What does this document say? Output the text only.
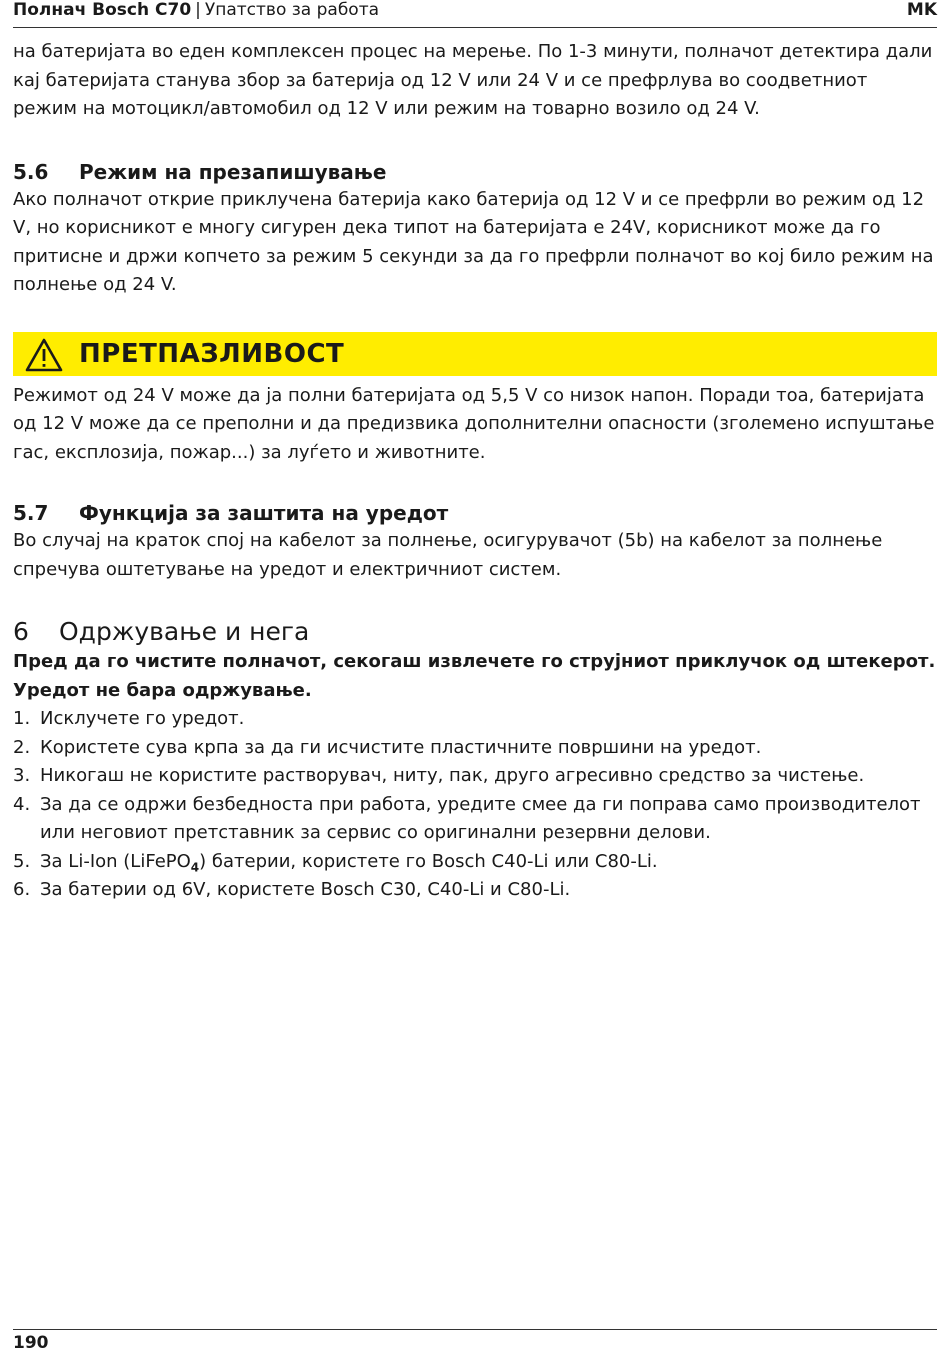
Полнач Bosch C70 | Упатство за работа	MK

на батеријата во еден комплексен процес на мерење. По 1-3 минути, полначот детектира дали кај батеријата станува збор за батерија од 12 V или 24 V и се префрлува во соодветниот режим на мотоцикл/автомобил од 12 V или режим на товарно возило од 24 V.

5.6 Режим на презапишување

Ако полначот открие приклучена батерија како батерија од 12 V и се префрли во режим од 12 V, но корисникот е многу сигурен дека типот на батеријата е 24V, корисникот може да го притисне и држи копчето за режим 5 секунди за да го префрли полначот во кој било режим на полнење од 24 V.

ПРЕТПАЗЛИВОСТ

Режимот од 24 V може да ја полни батеријата од 5,5 V со низок напон. Поради тоа, батеријата од 12 V може да се преполни и да предизвика дополнителни опасности (зголемено испуштање гас, експлозија, пожар...) за луѓето и животните.

5.7 Функција за заштита на уредот

Во случај на краток спој на кабелот за полнење, осигурувачот (5b) на кабелот за полнење спречува оштетување на уредот и електричниот систем.

6 Одржување и нега

Пред да го чистите полначот, секогаш извлечете го струјниот приклучок од штекерот. Уредот не бара одржување.

1. Исклучете го уредот.
2. Користете сува крпа за да ги исчистите пластичните површини на уредот.
3. Никогаш не користите растворувач, ниту, пак, друго агресивно средство за чистење.
4. За да се одржи безбедноста при работа, уредите смее да ги поправа само производителот или неговиот претставник за сервис со оригинални резервни делови.
5. За Li-Ion (LiFePO$_4$) батерии, користете го Bosch C40-Li или C80-Li.
6. За батерии од 6V, користете Bosch C30, C40-Li и C80-Li.
190
